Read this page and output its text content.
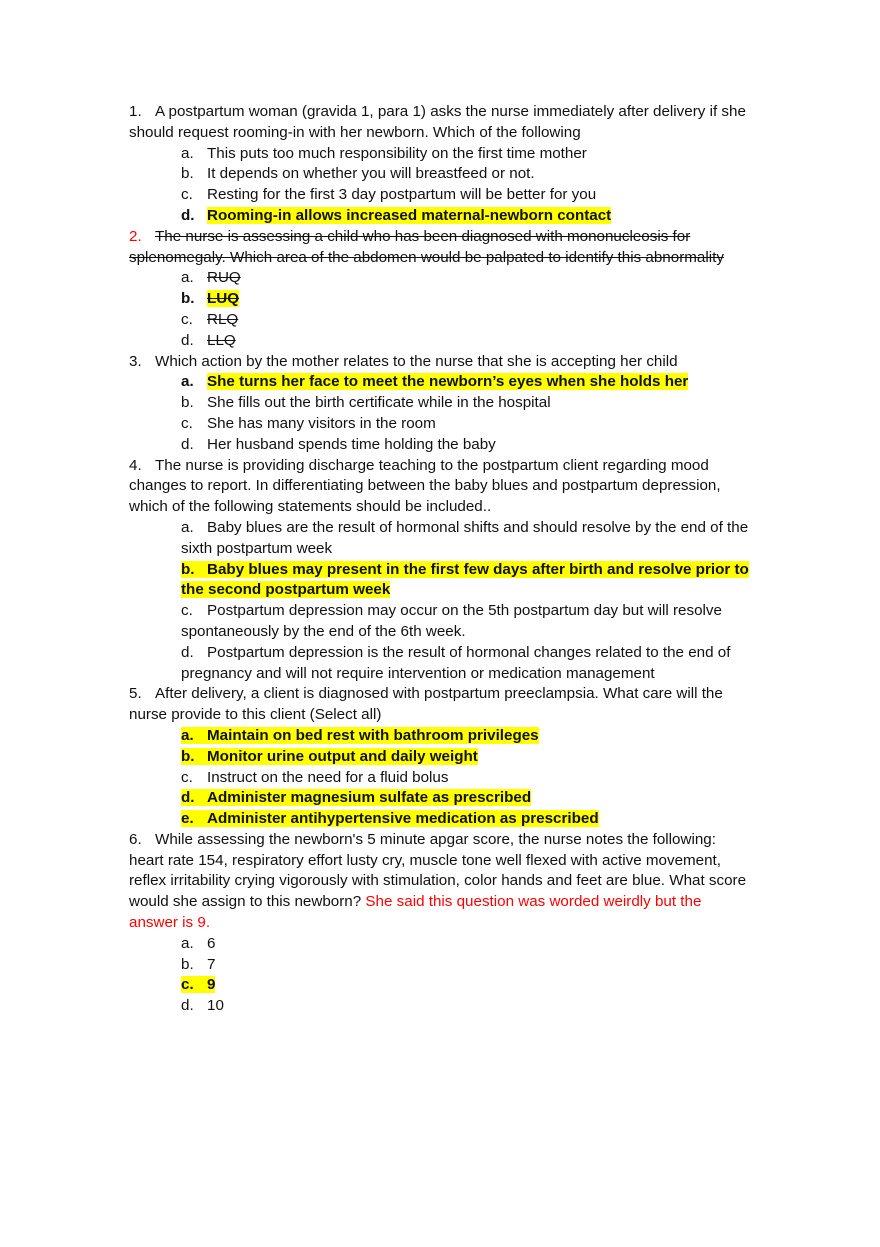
1. A postpartum woman (gravida 1, para 1) asks the nurse immediately after delivery if she
should request rooming-in with her newborn. Which of the following
a. This puts too much responsibility on the first time mother
b. It depends on whether you will breastfeed or not.
c. Resting for the first 3 day postpartum will be better for you
d. Rooming-in allows increased maternal-newborn contact
2. The nurse is assessing a child who has been diagnosed with mononucleosis for
splenomegaly. Which area of the abdomen would be palpated to identify this abnormality
a. RUQ
b. LUQ
c. RLQ
d. LLQ
3. Which action by the mother relates to the nurse that she is accepting her child
a. She turns her face to meet the newborn’s eyes when she holds her
b. She fills out the birth certificate while in the hospital
c. She has many visitors in the room
d. Her husband spends time holding the baby
4. The nurse is providing discharge teaching to the postpartum client regarding mood
changes to report. In differentiating between the baby blues and postpartum depression,
which of the following statements should be included..
a. Baby blues are the result of hormonal shifts and should resolve by the end of the
sixth postpartum week
b. Baby blues may present in the first few days after birth and resolve prior to
the second postpartum week
c. Postpartum depression may occur on the 5th postpartum day but will resolve
spontaneously by the end of the 6th week.
d. Postpartum depression is the result of hormonal changes related to the end of
pregnancy and will not require intervention or medication management
5. After delivery, a client is diagnosed with postpartum preeclampsia. What care will the
nurse provide to this client (Select all)
a. Maintain on bed rest with bathroom privileges
b. Monitor urine output and daily weight
c. Instruct on the need for a fluid bolus
d. Administer magnesium sulfate as prescribed
e. Administer antihypertensive medication as prescribed
6. While assessing the newborn's 5 minute apgar score, the nurse notes the following:
heart rate 154, respiratory effort lusty cry, muscle tone well flexed with active movement,
reflex irritability crying vigorously with stimulation, color hands and feet are blue. What score
would she assign to this newborn? She said this question was worded weirdly but the
answer is 9.
a. 6
b. 7
c. 9
d. 10
